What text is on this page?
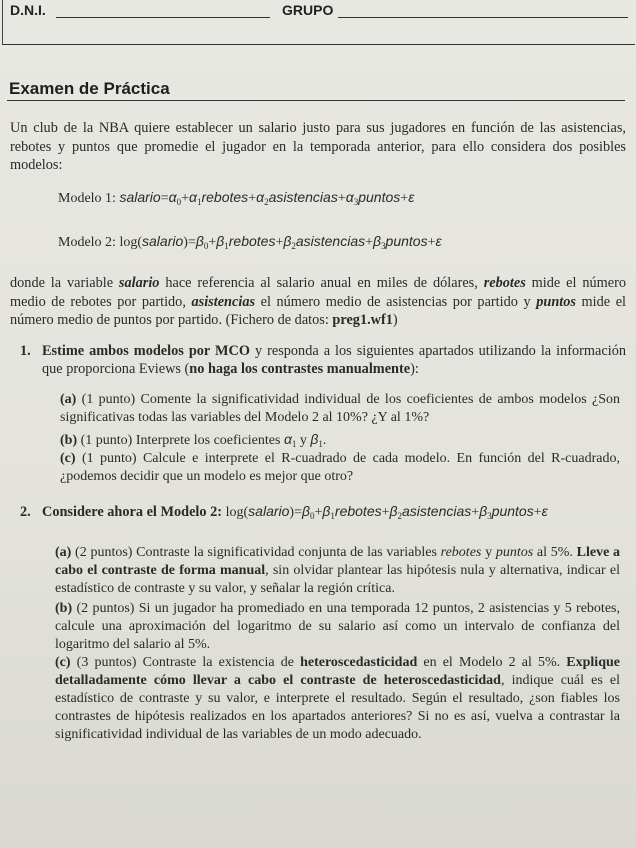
D.N.I.	GRUPO
Examen de Práctica
Un club de la NBA quiere establecer un salario justo para sus jugadores en función de las asistencias, rebotes y puntos que promedie el jugador en la temporada anterior, para ello considera dos posibles modelos:
Modelo 1: $salario=\alpha_0+\alpha_1rebotes+\alpha_2asistencias+\alpha_3puntos+\varepsilon$
Modelo 2: $\log(salario)=\beta_0+\beta_1rebotes+\beta_2asistencias+\beta_3puntos+\varepsilon$
donde la variable salario hace referencia al salario anual en miles de dólares, rebotes mide el número medio de rebotes por partido, asistencias el número medio de asistencias por partido y puntos mide el número medio de puntos por partido. (Fichero de datos: preg1.wf1)
1. Estime ambos modelos por MCO y responda a los siguientes apartados utilizando la información que proporciona Eviews (no haga los contrastes manualmente):
(a) (1 punto) Comente la significatividad individual de los coeficientes de ambos modelos ¿Son significativas todas las variables del Modelo 2 al 10%? ¿Y al 1%?
(b) (1 punto) Interprete los coeficientes $\alpha_1$ y $\beta_1$.
(c) (1 punto) Calcule e interprete el R-cuadrado de cada modelo. En función del R-cuadrado, ¿podemos decidir que un modelo es mejor que otro?
2. Considere ahora el Modelo 2: $\log(salario)=\beta_0+\beta_1rebotes+\beta_2asistencias+\beta_3puntos+\varepsilon$
(a) (2 puntos) Contraste la significatividad conjunta de las variables rebotes y puntos al 5%. Lleve a cabo el contraste de forma manual, sin olvidar plantear las hipótesis nula y alternativa, indicar el estadístico de contraste y su valor, y señalar la región crítica.
(b) (2 puntos) Si un jugador ha promediado en una temporada 12 puntos, 2 asistencias y 5 rebotes, calcule una aproximación del logaritmo de su salario así como un intervalo de confianza del logaritmo del salario al 5%.
(c) (3 puntos) Contraste la existencia de heteroscedasticidad en el Modelo 2 al 5%. Explique detalladamente cómo llevar a cabo el contraste de heteroscedasticidad, indique cuál es el estadístico de contraste y su valor, e interprete el resultado. Según el resultado, ¿son fiables los contrastes de hipótesis realizados en los apartados anteriores? Si no es así, vuelva a contrastar la significatividad individual de las variables de un modo adecuado.
